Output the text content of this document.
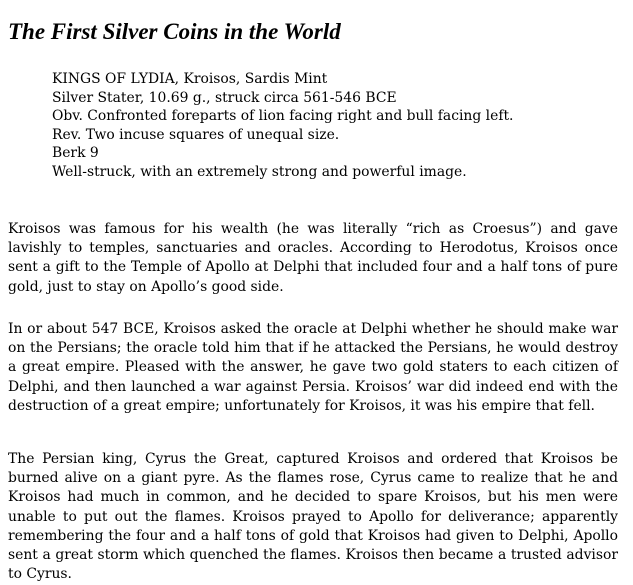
The First Silver Coins in the World
KINGS OF LYDIA, Kroisos, Sardis Mint
Silver Stater, 10.69 g., struck circa 561-546 BCE
Obv. Confronted foreparts of lion facing right and bull facing left.
Rev. Two incuse squares of unequal size.
Berk 9
Well-struck, with an extremely strong and powerful image.

Kroisos was famous for his wealth (he was literally “rich as Croesus”) and gave lavishly to temples, sanctuaries and oracles. According to Herodotus, Kroisos once sent a gift to the Temple of Apollo at Delphi that included four and a half tons of pure gold, just to stay on Apollo’s good side.

In or about 547 BCE, Kroisos asked the oracle at Delphi whether he should make war on the Persians; the oracle told him that if he attacked the Persians, he would destroy a great empire. Pleased with the answer, he gave two gold staters to each citizen of Delphi, and then launched a war against Persia. Kroisos’ war did indeed end with the destruction of a great empire; unfortunately for Kroisos, it was his empire that fell.

The Persian king, Cyrus the Great, captured Kroisos and ordered that Kroisos be burned alive on a giant pyre. As the flames rose, Cyrus came to realize that he and Kroisos had much in common, and he decided to spare Kroisos, but his men were unable to put out the flames. Kroisos prayed to Apollo for deliverance; apparently remembering the four and a half tons of gold that Kroisos had given to Delphi, Apollo sent a great storm which quenched the flames. Kroisos then became a trusted advisor to Cyrus.
